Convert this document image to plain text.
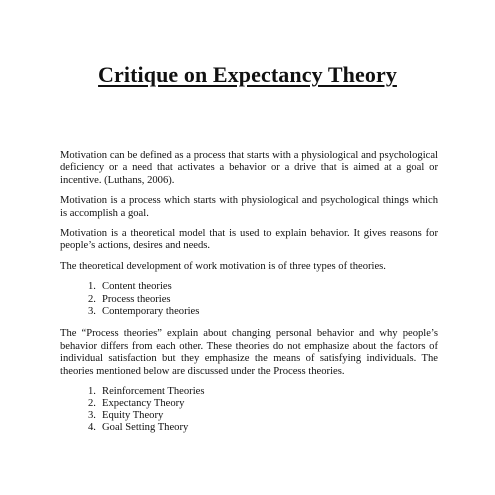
Critique on Expectancy Theory

Motivation can be defined as a process that starts with a physiological and psychological deficiency or a need that activates a behavior or a drive that is aimed at a goal or incentive. (Luthans, 2006).

Motivation is a process which starts with physiological and psychological things which is accomplish a goal.

Motivation is a theoretical model that is used to explain behavior. It gives reasons for people’s actions, desires and needs.

The theoretical development of work motivation is of three types of theories.

1. Content theories
2. Process theories
3. Contemporary theories

The “Process theories” explain about changing personal behavior and why people’s behavior differs from each other. These theories do not emphasize about the factors of individual satisfaction but they emphasize the means of satisfying individuals. The theories mentioned below are discussed under the Process theories.

1. Reinforcement Theories
2. Expectancy Theory
3. Equity Theory
4. Goal Setting Theory
